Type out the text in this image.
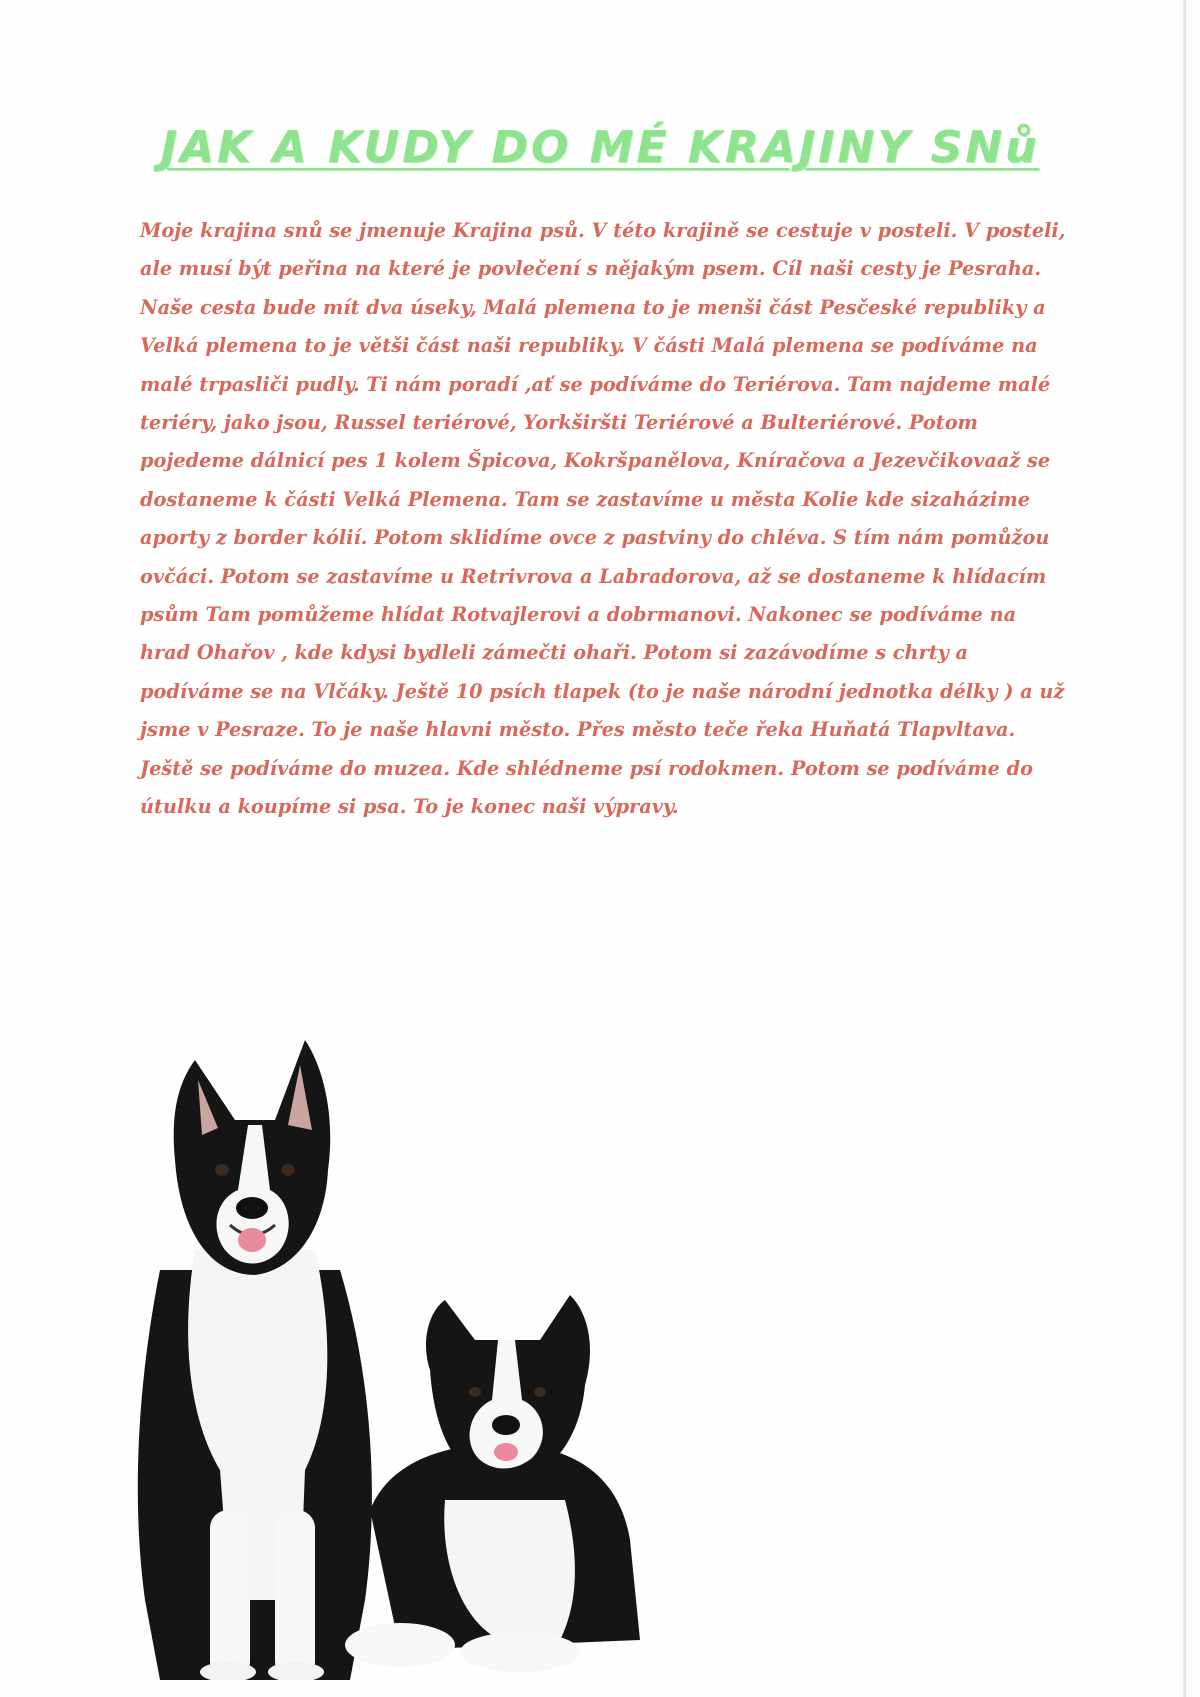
JAK A KUDY DO MÉ KRAJINY SNů

Moje krajina snů se jmenuje Krajina psů. V této krajině se cestuje v posteli. V posteli, ale musí být peřina na které je povlečení s nějakým psem. Cíl naši cesty je Pesraha. Naše cesta bude mít dva úseky, Malá plemena to je menši část Pesčeské republiky a Velká plemena to je větši část naši republiky. V části Malá plemena se podíváme na malé trpasliči pudly. Ti nám poradí ,ať se podíváme do Teriérova. Tam najdeme malé teriéry, jako jsou, Russel teriérové, Yorkširšti Teriérové a Bulteriérové. Potom pojedeme dálnicí pes 1 kolem Špicova, Kokršpanělova, Knírаčova a Jezevčikovaaž se dostaneme k části Velká Plemena. Tam se zastavíme u města Kolie kde sizaházime aporty z border kólií. Potom sklidíme ovce z pastviny do chléva. S tím nám pomůžou ovčáci. Potom se zastavíme u Retrivrova a Labradorova, až se dostaneme k hlídacím psům Tam pomůžeme hlídat Rotvajlerovi a dobrmanovi. Nakonec se podíváme na hrad Ohařov , kde kdysi bydleli zámečti ohaři. Potom si zazávodíme s chrty a podíváme se na Vlčáky. Ještě 10 psích tlapek (to je naše národní jednotka délky ) a už jsme v Pesraze. To je naše hlavni město. Přes město teče řeka Huňatá Tlapvltava. Ještě se podíváme do muzea. Kde shlédneme psí rodokmen. Potom se podíváme do útulku a koupíme si psa. To je konec naši výpravy.
